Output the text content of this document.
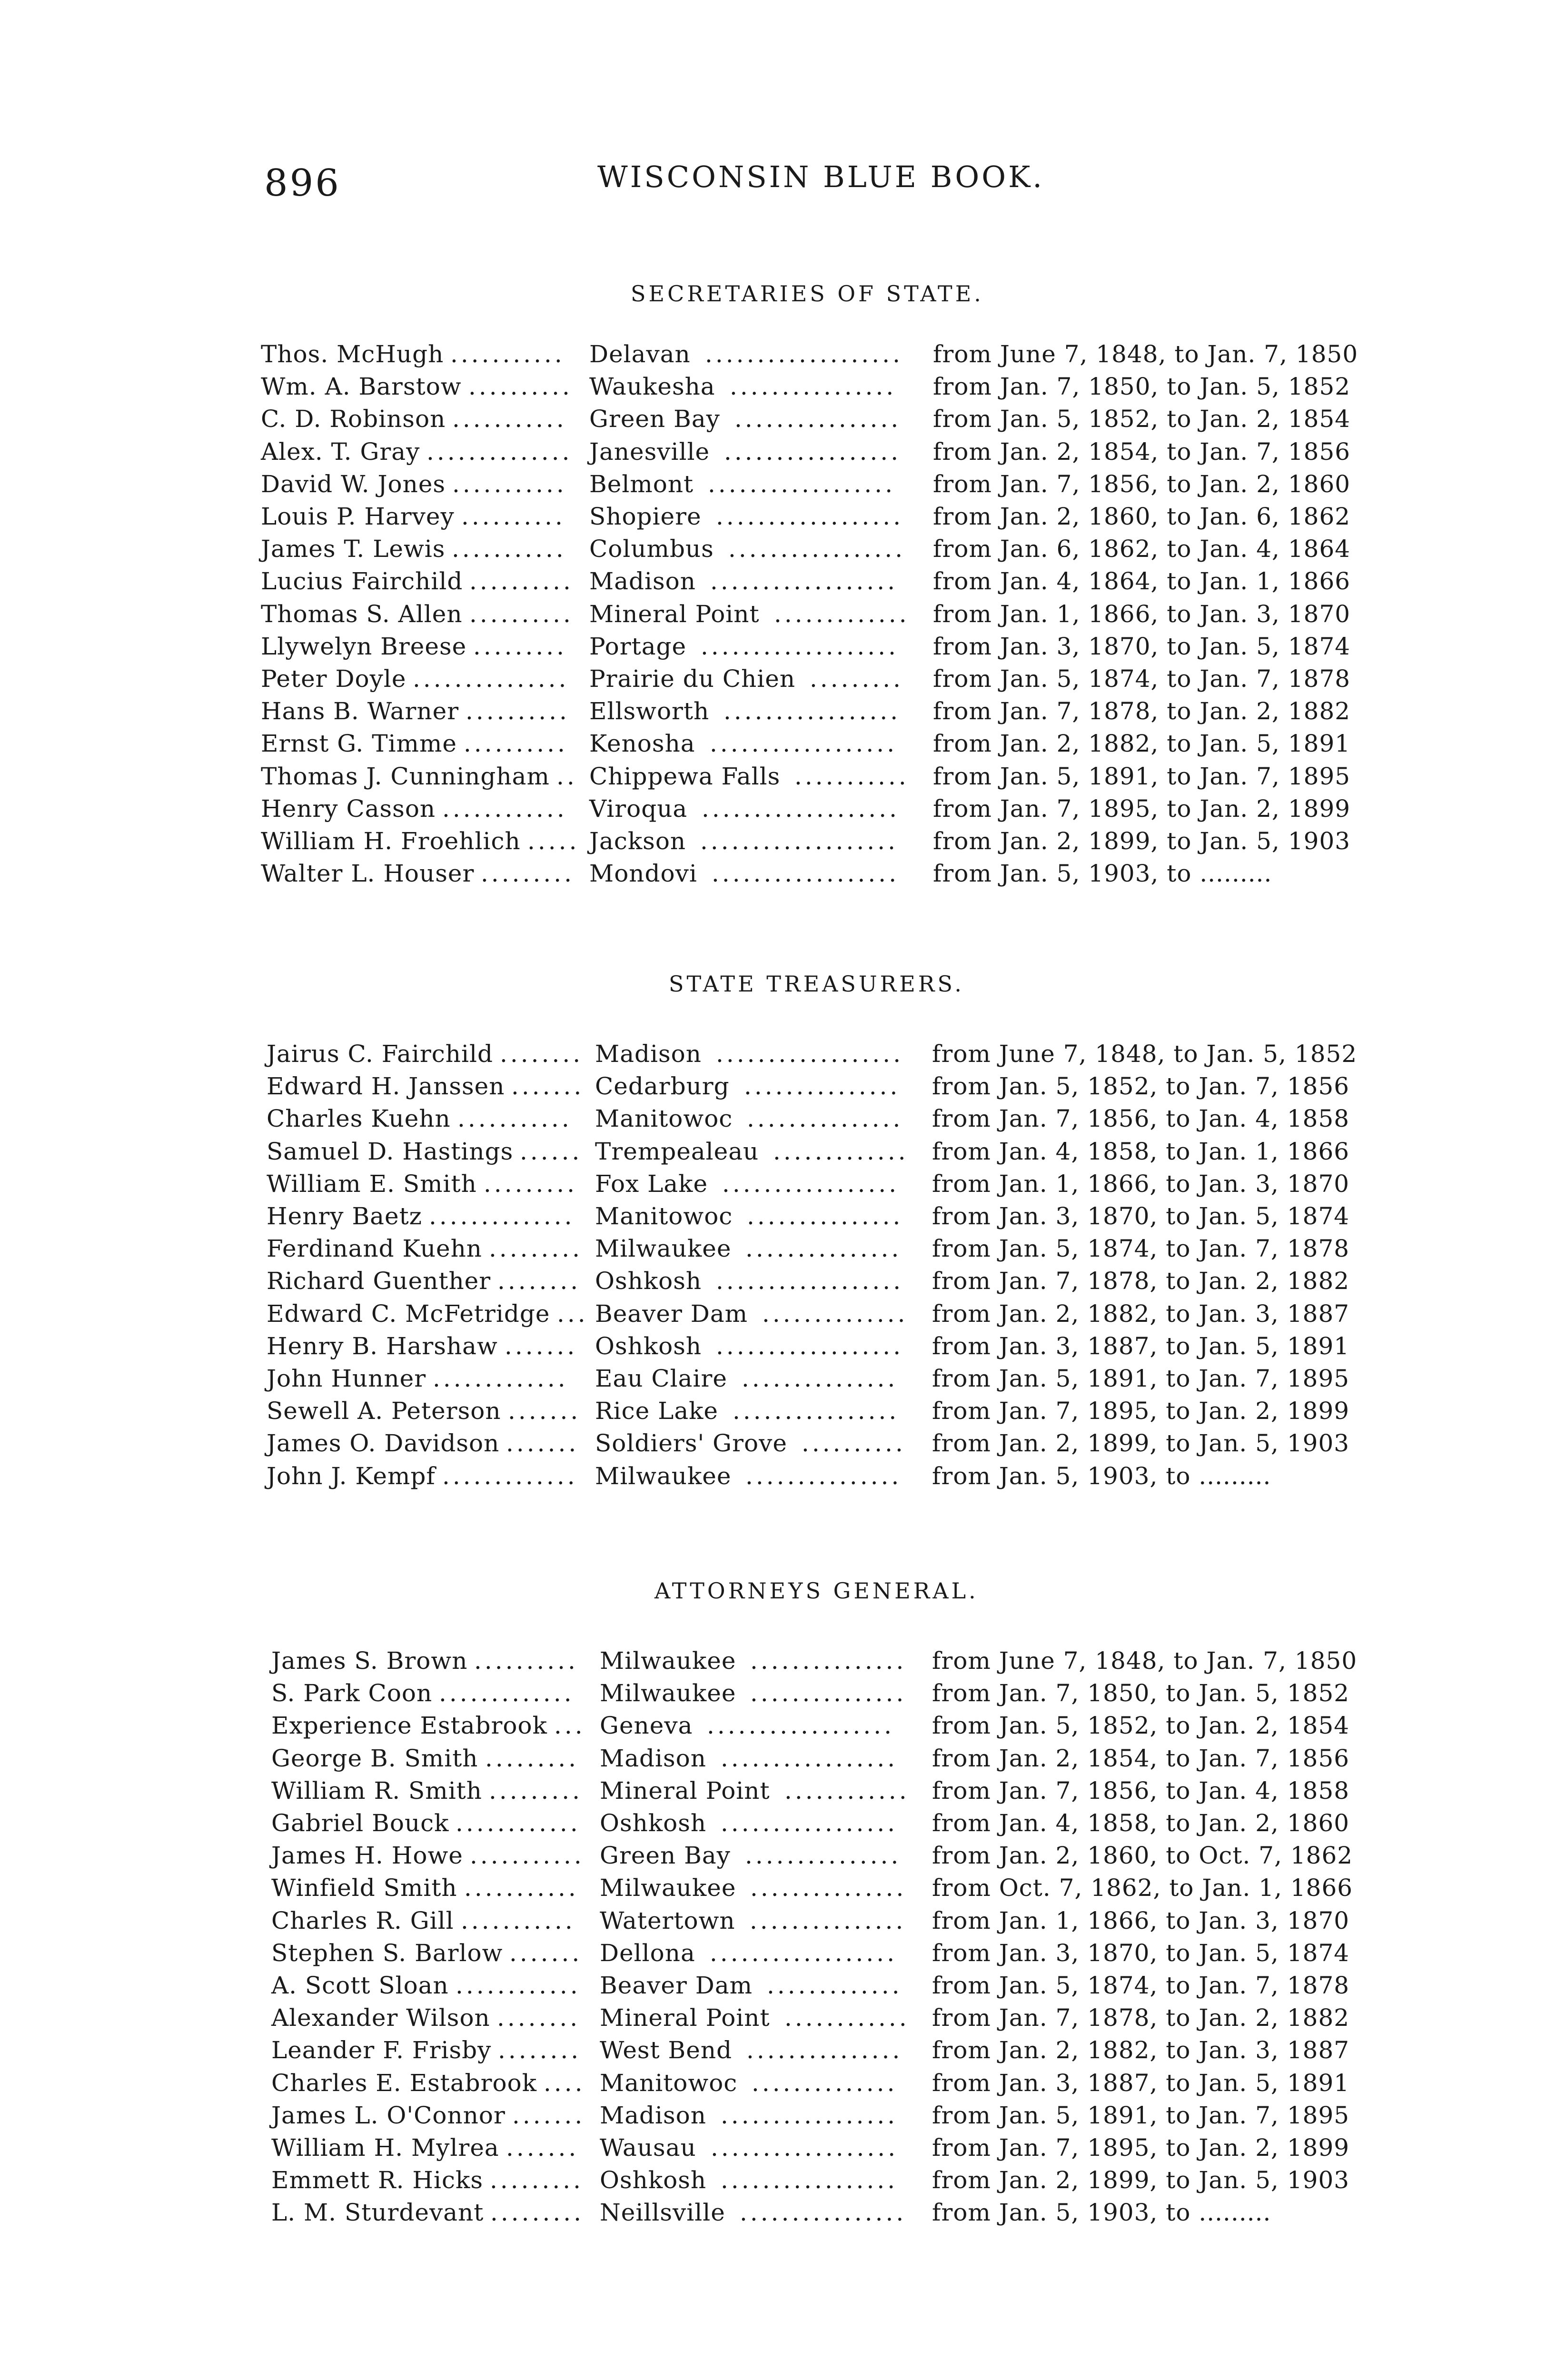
896	WISCONSIN BLUE BOOK.
SECRETARIES OF STATE.
Thos. McHugh	Delavan	from June 7, 1848, to Jan. 7, 1850
...........	...................
Wm. A. Barstow	Waukesha	from Jan. 7, 1850, to Jan. 5, 1852
..........	................
C. D. Robinson	Green Bay	from Jan. 5, 1852, to Jan. 2, 1854
...........	................
Alex. T. Gray	Janesville	from Jan. 2, 1854, to Jan. 7, 1856
..............	.................
David W. Jones	Belmont	from Jan. 7, 1856, to Jan. 2, 1860
...........	..................
Louis P. Harvey	Shopiere	from Jan. 2, 1860, to Jan. 6, 1862
..........	..................
James T. Lewis	Columbus	from Jan. 6, 1862, to Jan. 4, 1864
...........	.................
Lucius Fairchild	Madison	from Jan. 4, 1864, to Jan. 1, 1866
..........	..................
Thomas S. Allen	Mineral Point	from Jan. 1, 1866, to Jan. 3, 1870
..........	.............
Llywelyn Breese	Portage	from Jan. 3, 1870, to Jan. 5, 1874
.........	...................
Peter Doyle	Prairie du Chien	from Jan. 5, 1874, to Jan. 7, 1878
...............	.........
Hans B. Warner	Ellsworth	from Jan. 7, 1878, to Jan. 2, 1882
..........	.................
Ernst G. Timme	Kenosha	from Jan. 2, 1882, to Jan. 5, 1891
..........	..................
Thomas J. Cunningham Chippewa Falls	from Jan. 5, 1891, to Jan. 7, 1895
..	...........
Henry Casson	Viroqua	from Jan. 7, 1895, to Jan. 2, 1899
............	...................
William H. Froehlich	Jackson	from Jan. 2, 1899, to Jan. 5, 1903
.....	...................
Walter L. Houser	Mondovi	from Jan. 5, 1903, to .........
.........	..................
STATE TREASURERS.
Jairus C. Fairchild	Madison	from June 7, 1848, to Jan. 5, 1852
........	..................
Edward H. Janssen	Cedarburg	from Jan. 5, 1852, to Jan. 7, 1856
.......	...............
Charles Kuehn	Manitowoc	from Jan. 7, 1856, to Jan. 4, 1858
...........	...............
Samuel D. Hastings	Trempealeau	from Jan. 4, 1858, to Jan. 1, 1866
......	.............
William E. Smith	Fox Lake	from Jan. 1, 1866, to Jan. 3, 1870
.........	.................
Henry Baetz	Manitowoc	from Jan. 3, 1870, to Jan. 5, 1874
..............	...............
Ferdinand Kuehn	Milwaukee	from Jan. 5, 1874, to Jan. 7, 1878
.........	...............
Richard Guenther	Oshkosh	from Jan. 7, 1878, to Jan. 2, 1882
........	..................
Edward C. McFetridge Beaver Dam	from Jan. 2, 1882, to Jan. 3, 1887
...	..............
Henry B. Harshaw	Oshkosh	from Jan. 3, 1887, to Jan. 5, 1891
.......	..................
John Hunner	Eau Claire	from Jan. 5, 1891, to Jan. 7, 1895
.............	...............
Sewell A. Peterson	Rice Lake	from Jan. 7, 1895, to Jan. 2, 1899
.......	................
James O. Davidson	Soldiers' Grove	from Jan. 2, 1899, to Jan. 5, 1903
.......	..........
John J. Kempf	Milwaukee	from Jan. 5, 1903, to .........
.............	...............
ATTORNEYS GENERAL.
James S. Brown	Milwaukee	from June 7, 1848, to Jan. 7, 1850
..........	...............
S. Park Coon	Milwaukee	from Jan. 7, 1850, to Jan. 5, 1852
.............	...............
Experience Estabrook Geneva	from Jan. 5, 1852, to Jan. 2, 1854
...	..................
George B. Smith	Madison	from Jan. 2, 1854, to Jan. 7, 1856
.........	.................
William R. Smith	Mineral Point	from Jan. 7, 1856, to Jan. 4, 1858
.........	............
Gabriel Bouck	Oshkosh	from Jan. 4, 1858, to Jan. 2, 1860
............	.................
James H. Howe	Green Bay	from Jan. 2, 1860, to Oct. 7, 1862
...........	...............
Winfield Smith	Milwaukee	from Oct. 7, 1862, to Jan. 1, 1866
...........	...............
Charles R. Gill	Watertown	from Jan. 1, 1866, to Jan. 3, 1870
...........	...............
Stephen S. Barlow	Dellona	from Jan. 3, 1870, to Jan. 5, 1874
.......	..................
A. Scott Sloan	Beaver Dam	from Jan. 5, 1874, to Jan. 7, 1878
............	.............
Alexander Wilson	Mineral Point	from Jan. 7, 1878, to Jan. 2, 1882
........	............
Leander F. Frisby	West Bend	from Jan. 2, 1882, to Jan. 3, 1887
........	...............
Charles E. Estabrook	Manitowoc	from Jan. 3, 1887, to Jan. 5, 1891
....	..............
James L. O'Connor	Madison	from Jan. 5, 1891, to Jan. 7, 1895
.......	.................
William H. Mylrea	Wausau	from Jan. 7, 1895, to Jan. 2, 1899
.......	..................
Emmett R. Hicks	Oshkosh	from Jan. 2, 1899, to Jan. 5, 1903
.........	.................
L. M. Sturdevant	Neillsville	from Jan. 5, 1903, to .........
.........	................
